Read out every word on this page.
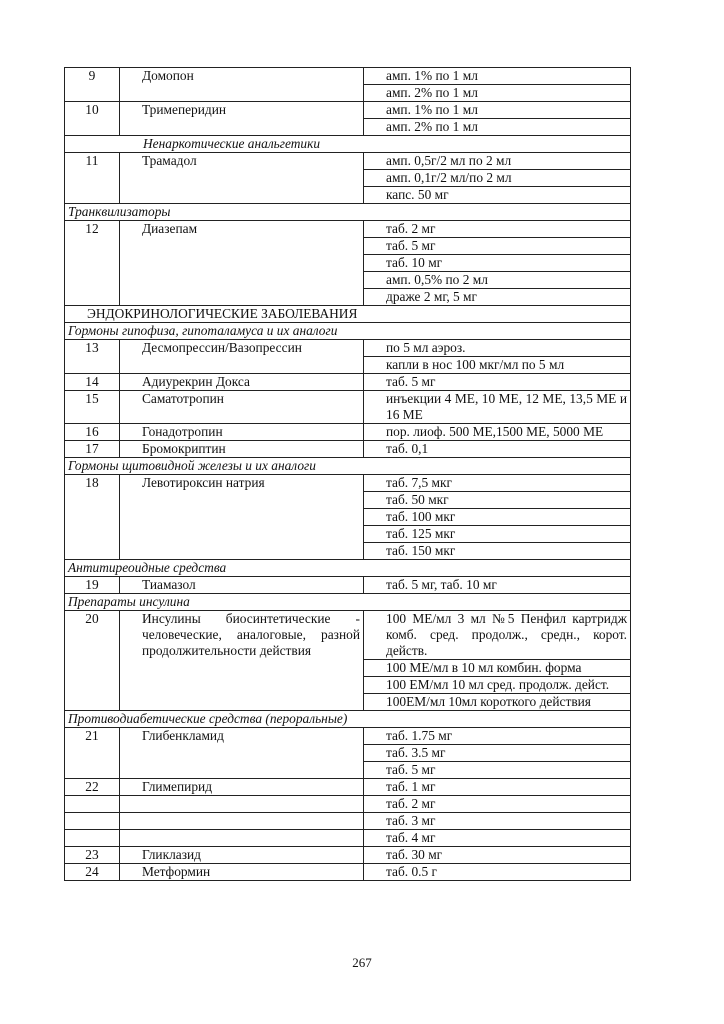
9	Домопон	амп. 1% по 1 мл
		амп. 2% по 1 мл
10	Тримеперидин	амп. 1% по 1 мл
		амп. 2% по 1 мл
Ненаркотические анальгетики		
11	Трамадол	амп. 0,5г/2 мл по 2 мл
		амп. 0,1г/2 мл/по 2 мл
		капс. 50 мг
Транквилизаторы		
12	Диазепам	таб. 2 мг
		таб. 5 мг
		таб. 10 мг
		амп. 0,5% по 2 мл
		драже 2 мг, 5 мг
ЭНДОКРИНОЛОГИЧЕСКИЕ ЗАБОЛЕВАНИЯ		
Гормоны гипофиза, гипоталамуса и их аналоги		
13	Десмопрессин/Вазопрессин	по 5 мл аэроз.
		капли в нос 100 мкг/мл по 5 мл
14	Адиурекрин Докса	таб. 5 мг
15	Саматотропин	инъекции 4 МЕ, 10 МЕ, 12 МЕ, 13,5 МЕ и 16 МЕ
16	Гонадотропин	пор. лиоф. 500 МЕ,1500 МЕ, 5000 МЕ
17	Бромокриптин	таб. 0,1
Гормоны щитовидной железы и их аналоги		
18	Левотироксин натрия	таб. 7,5 мкг
		таб. 50 мкг
		таб. 100 мкг
		таб. 125 мкг
		таб. 150 мкг
Антитиреоидные средства		
19	Тиамазол	таб. 5 мг, таб. 10 мг
Препараты инсулина		
20	Инсулины биосинтетические - человеческие, аналоговые, разной продолжительности действия	100 МЕ/мл 3 мл №5 Пенфил картридж комб. сред. продолж., средн., корот. действ.
		100 МЕ/мл в 10 мл комбин. форма
		100 ЕМ/мл 10 мл сред. продолж. дейст.
		100ЕМ/мл 10мл короткого действия
Противодиабетические средства (пероральные)		
21	Глибенкламид	таб. 1.75 мг
		таб. 3.5 мг
		таб. 5 мг
22	Глимепирид	таб. 1 мг
		таб. 2 мг
		таб. 3 мг
		таб. 4 мг
23	Гликлазид	таб. 30 мг
24	Метформин	таб. 0.5 г
267
